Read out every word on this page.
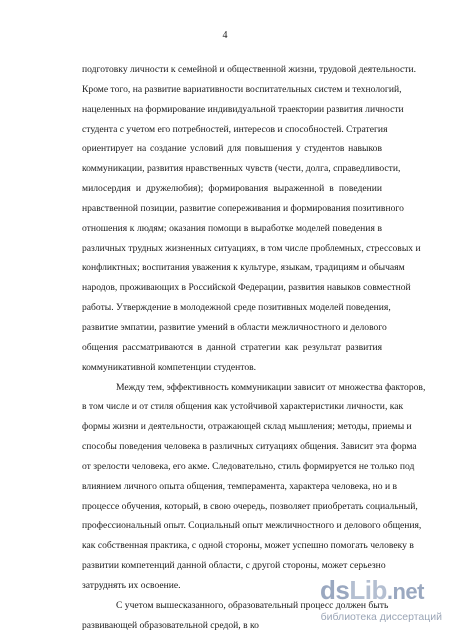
4
подготовку личности к семейной и общественной жизни, трудовой деятельности.
Кроме того, на развитие вариативности воспитательных систем и технологий,
нацеленных на формирование индивидуальной траектории развития личности
студента с учетом его потребностей, интересов и способностей. Стратегия
ориентирует на создание условий для повышения у студентов навыков
коммуникации, развития нравственных чувств (чести, долга, справедливости,
милосердия и дружелюбия); формирования выраженной в поведении
нравственной позиции, развитие сопереживания и формирования позитивного
отношения к людям; оказания помощи в выработке моделей поведения в
различных трудных жизненных ситуациях, в том числе проблемных, стрессовых и
конфликтных; воспитания уважения к культуре, языкам, традициям и обычаям
народов, проживающих в Российской Федерации, развития навыков совместной
работы. Утверждение в молодежной среде позитивных моделей поведения,
развитие эмпатии, развитие умений в области межличностного и делового
общения рассматриваются в данной стратегии как результат развития
коммуникативной компетенции студентов.
Между тем, эффективность коммуникации зависит от множества факторов,
в том числе и от стиля общения как устойчивой характеристики личности, как
формы жизни и деятельности, отражающей склад мышления; методы, приемы и
способы поведения человека в различных ситуациях общения. Зависит эта форма
от зрелости человека, его акме. Следовательно, стиль формируется не только под
влиянием личного опыта общения, темперамента, характера человека, но и в
процессе обучения, который, в свою очередь, позволяет приобретать социальный,
профессиональный опыт. Социальный опыт межличностного и делового общения,
как собственная практика, с одной стороны, может успешно помогать человеку в
развитии компетенций данной области, с другой стороны, может серьезно
затруднять их освоение.
С учетом вышесказанного, образовательный процесс должен быть
развивающей образовательной средой, в ко
dsLib.net
библиотека диссертаций
